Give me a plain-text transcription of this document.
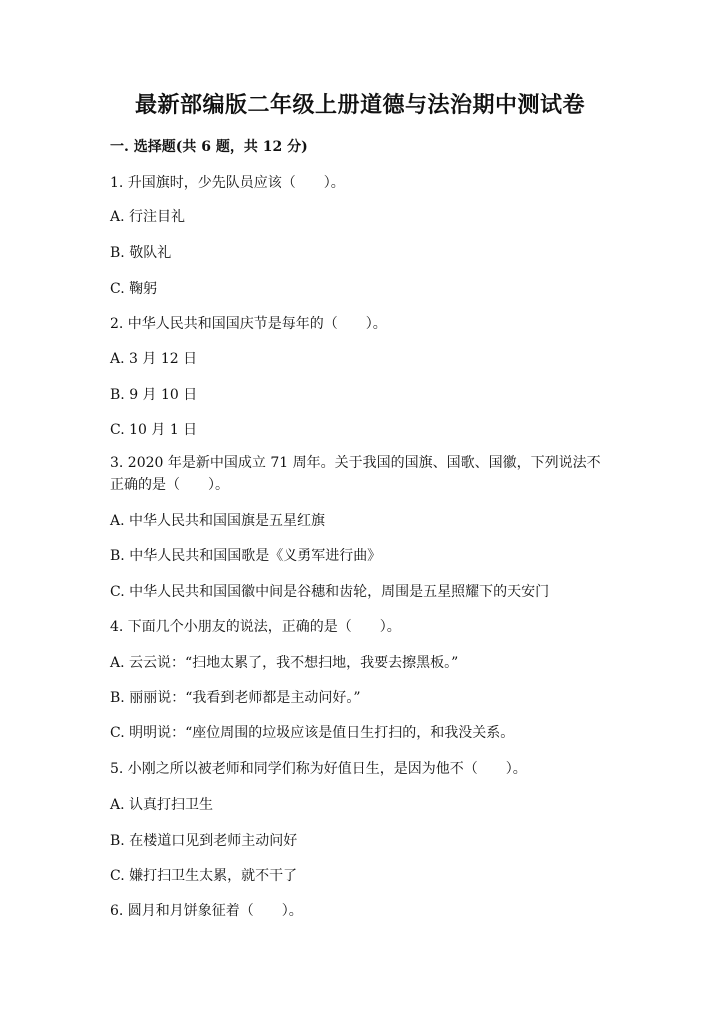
最新部编版二年级上册道德与法治期中测试卷
一. 选择题(共 6 题，共 12 分)
1. 升国旗时，少先队员应该（　　）。
A. 行注目礼
B. 敬队礼
C. 鞠躬
2. 中华人民共和国国庆节是每年的（　　）。
A. 3 月 12 日
B. 9 月 10 日
C. 10 月 1 日
3. 2020 年是新中国成立 71 周年。关于我国的国旗、国歌、国徽，下列说法不正确的是（　　）。
A. 中华人民共和国国旗是五星红旗
B. 中华人民共和国国歌是《义勇军进行曲》
C. 中华人民共和国国徽中间是谷穗和齿轮，周围是五星照耀下的天安门
4. 下面几个小朋友的说法，正确的是（　　）。
A. 云云说：“扫地太累了，我不想扫地，我要去擦黑板。”
B. 丽丽说：“我看到老师都是主动问好。”
C. 明明说：“座位周围的垃圾应该是值日生打扫的，和我没关系。
5. 小刚之所以被老师和同学们称为好值日生，是因为他不（　　）。
A. 认真打扫卫生
B. 在楼道口见到老师主动问好
C. 嫌打扫卫生太累，就不干了
6. 圆月和月饼象征着（　　）。
